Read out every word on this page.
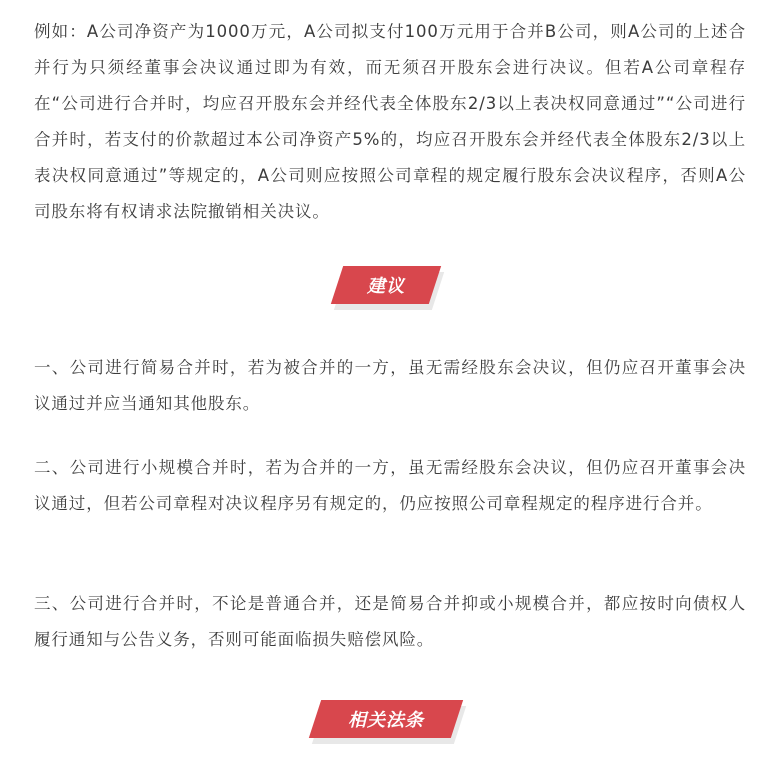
例如：A公司净资产为1000万元，A公司拟支付100万元用于合并B公司，则A公司的上述合并行为只须经董事会决议通过即为有效，而无须召开股东会进行决议。但若A公司章程存在“公司进行合并时，均应召开股东会并经代表全体股东2/3以上表决权同意通过”“公司进行合并时，若支付的价款超过本公司净资产5%的，均应召开股东会并经代表全体股东2/3以上表决权同意通过”等规定的，A公司则应按照公司章程的规定履行股东会决议程序，否则A公司股东将有权请求法院撤销相关决议。

建议

一、公司进行简易合并时，若为被合并的一方，虽无需经股东会决议，但仍应召开董事会决议通过并应当通知其他股东。

二、公司进行小规模合并时，若为合并的一方，虽无需经股东会决议，但仍应召开董事会决议通过，但若公司章程对决议程序另有规定的，仍应按照公司章程规定的程序进行合并。

三、公司进行合并时，不论是普通合并，还是简易合并抑或小规模合并，都应按时向债权人履行通知与公告义务，否则可能面临损失赔偿风险。

相关法条
